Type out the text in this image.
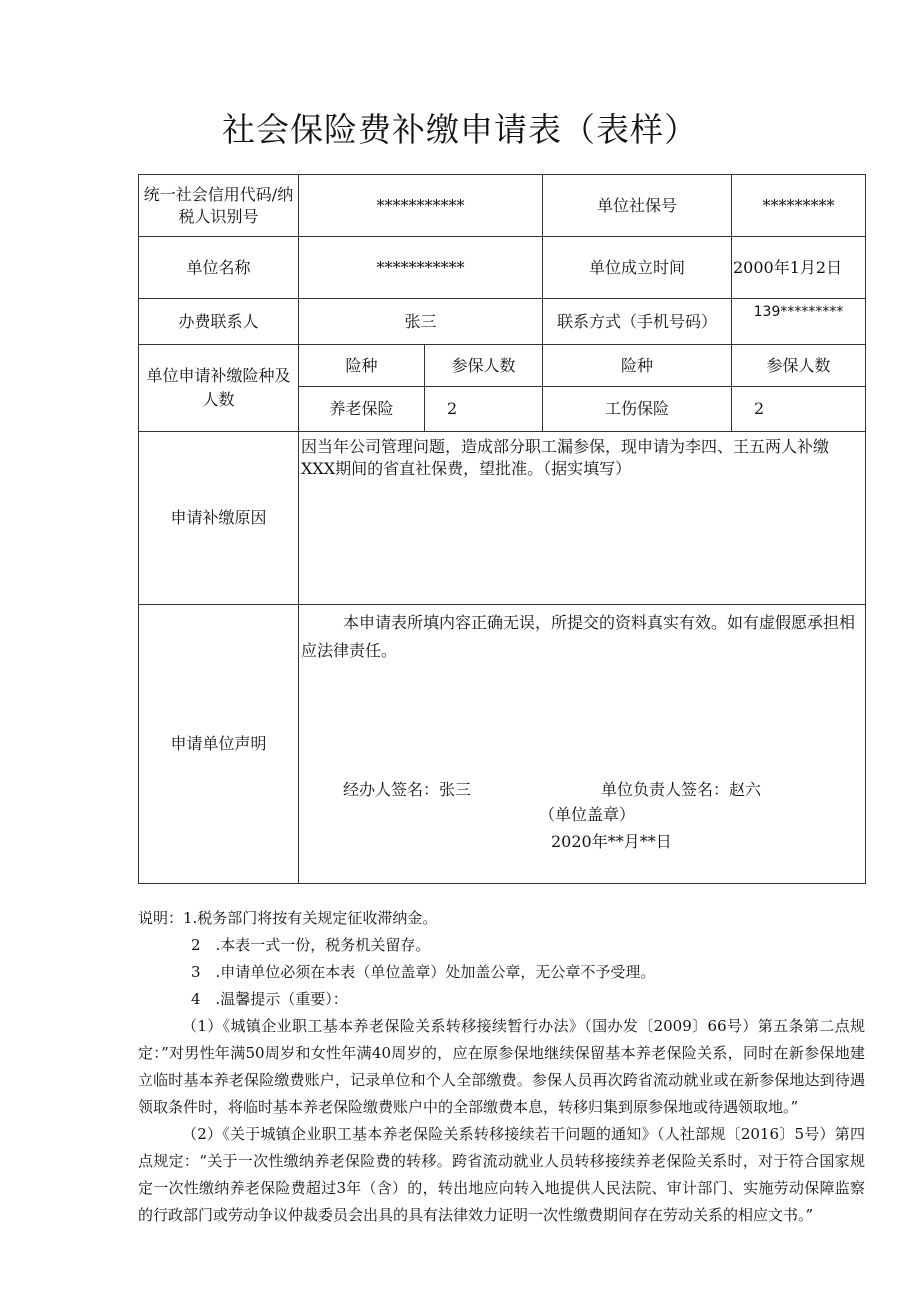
社会保险费补缴申请表（表样）
统一社会信用代码/纳税人识别号	***********		单位社保号	*********
单位名称	***********		单位成立时间	2000年1月2日
办费联系人	张三		联系方式（手机号码）	139*********

单位申请补缴险种及人数	险种	参保人数	险种	参保人数
	养老保险	2	工伤保险	2
申请补缴原因	因当年公司管理问题，造成部分职工漏参保，现申请为李四、王五两人补缴XXX期间的省直社保费，望批准。（据实填写）			
申请单位声明	本申请表所填内容正确无误，所提交的资料真实有效。如有虚假愿承担相应法律责任。
经办人签名：张三 单位负责人签名：赵六
（单位盖章）
2020年**月**日			
说明：1.税务部门将按有关规定征收滞纳金。
2　.本表一式一份，税务机关留存。
3　.申请单位必须在本表（单位盖章）处加盖公章，无公章不予受理。
4　.温馨提示（重要）：
（1）《城镇企业职工基本养老保险关系转移接续暂行办法》（国办发〔2009〕66号）第五条第二点规定：”对男性年满50周岁和女性年满40周岁的，应在原参保地继续保留基本养老保险关系，同时在新参保地建立临时基本养老保险缴费账户，记录单位和个人全部缴费。参保人员再次跨省流动就业或在新参保地达到待遇领取条件时，将临时基本养老保险缴费账户中的全部缴费本息，转移归集到原参保地或待遇领取地。”
（2）《关于城镇企业职工基本养老保险关系转移接续若干问题的通知》（人社部规〔2016〕5号）第四点规定：“关于一次性缴纳养老保险费的转移。跨省流动就业人员转移接续养老保险关系时，对于符合国家规定一次性缴纳养老保险费超过3年（含）的，转出地应向转入地提供人民法院、审计部门、实施劳动保障监察的行政部门或劳动争议仲裁委员会出具的具有法律效力证明一次性缴费期间存在劳动关系的相应文书。”
